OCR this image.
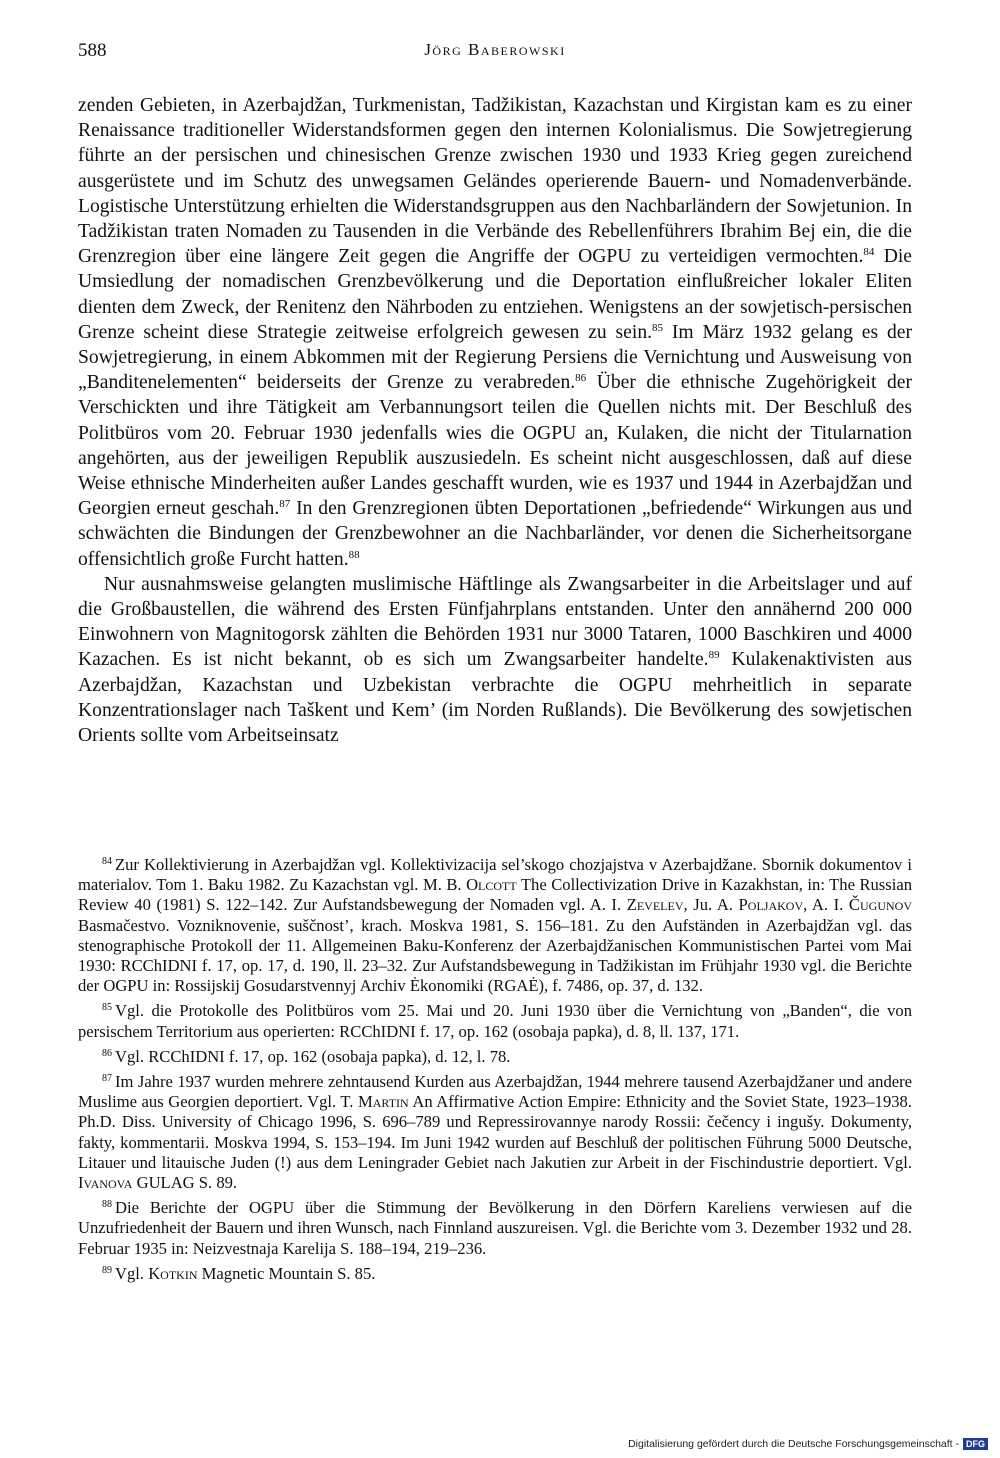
588	Jörg Baberowski

zenden Gebieten, in Azerbajdžan, Turkmenistan, Tadžikistan, Kazachstan und Kirgistan kam es zu einer Renaissance traditioneller Widerstandsformen gegen den internen Kolonialismus. Die Sowjetregierung führte an der persischen und chinesischen Grenze zwischen 1930 und 1933 Krieg gegen zureichend ausgerüstete und im Schutz des unwegsamen Geländes operierende Bauern- und Nomadenverbände. Logistische Unterstützung erhielten die Widerstandsgruppen aus den Nachbarländern der Sowjetunion. In Tadžikistan traten Nomaden zu Tausenden in die Verbände des Rebellenführers Ibrahim Bej ein, die die Grenzregion über eine längere Zeit gegen die Angriffe der OGPU zu verteidigen vermochten.$^{84}$ Die Umsiedlung der nomadischen Grenzbevölkerung und die Deportation einflußreicher lokaler Eliten dienten dem Zweck, der Renitenz den Nährboden zu entziehen. Wenigstens an der sowjetisch-persischen Grenze scheint diese Strategie zeitweise erfolgreich gewesen zu sein.$^{85}$ Im März 1932 gelang es der Sowjetregierung, in einem Abkommen mit der Regierung Persiens die Vernichtung und Ausweisung von „Banditenelementen“ beiderseits der Grenze zu verabreden.$^{86}$ Über die ethnische Zugehörigkeit der Verschickten und ihre Tätigkeit am Verbannungsort teilen die Quellen nichts mit. Der Beschluß des Politbüros vom 20. Februar 1930 jedenfalls wies die OGPU an, Kulaken, die nicht der Titularnation angehörten, aus der jeweiligen Republik auszusiedeln. Es scheint nicht ausgeschlossen, daß auf diese Weise ethnische Minderheiten außer Landes geschafft wurden, wie es 1937 und 1944 in Azerbajdžan und Georgien erneut geschah.$^{87}$ In den Grenzregionen übten Deportationen „befriedende“ Wirkungen aus und schwächten die Bindungen der Grenzbewohner an die Nachbarländer, vor denen die Sicherheitsorgane offensichtlich große Furcht hatten.$^{88}$

Nur ausnahmsweise gelangten muslimische Häftlinge als Zwangsarbeiter in die Arbeitslager und auf die Großbaustellen, die während des Ersten Fünfjahrplans entstanden. Unter den annähernd 200 000 Einwohnern von Magnitogorsk zählten die Behörden 1931 nur 3000 Tataren, 1000 Baschkiren und 4000 Kazachen. Es ist nicht bekannt, ob es sich um Zwangsarbeiter handelte.$^{89}$ Kulakenaktivisten aus Azerbajdžan, Kazachstan und Uzbekistan verbrachte die OGPU mehrheitlich in separate Konzentrationslager nach Taškent und Kem’ (im Norden Rußlands). Die Bevölkerung des sowjetischen Orients sollte vom Arbeitseinsatz

$^{84}$ Zur Kollektivierung in Azerbajdžan vgl. Kollektivizacija sel’skogo chozjajstva v Azerbajdžane. Sbornik dokumentov i materialov. Tom 1. Baku 1982. Zu Kazachstan vgl. M. B. Olcott The Collectivization Drive in Kazakhstan, in: The Russian Review 40 (1981) S. 122–142. Zur Aufstandsbewegung der Nomaden vgl. A. I. Zevelev, Ju. A. Poljakov, A. I. Čugunov Basmačestvo. Vozniknovenie, suščnost’, krach. Moskva 1981, S. 156–181. Zu den Aufständen in Azerbajdžan vgl. das stenographische Protokoll der 11. Allgemeinen Baku-Konferenz der Azerbajdžanischen Kommunistischen Partei vom Mai 1930: RCChIDNI f. 17, op. 17, d. 190, ll. 23–32. Zur Aufstandsbewegung in Tadžikistan im Frühjahr 1930 vgl. die Berichte der OGPU in: Rossijskij Gosudarstvennyj Archiv Ėkonomiki (RGAĖ), f. 7486, op. 37, d. 132.

$^{85}$ Vgl. die Protokolle des Politbüros vom 25. Mai und 20. Juni 1930 über die Vernichtung von „Banden“, die von persischem Territorium aus operierten: RCChIDNI f. 17, op. 162 (osobaja papka), d. 8, ll. 137, 171.

$^{86}$ Vgl. RCChIDNI f. 17, op. 162 (osobaja papka), d. 12, l. 78.

$^{87}$ Im Jahre 1937 wurden mehrere zehntausend Kurden aus Azerbajdžan, 1944 mehrere tausend Azerbajdžaner und andere Muslime aus Georgien deportiert. Vgl. T. Martin An Affirmative Action Empire: Ethnicity and the Soviet State, 1923–1938. Ph.D. Diss. University of Chicago 1996, S. 696–789 und Repressirovannye narody Rossii: čečency i ingušy. Dokumenty, fakty, kommentarii. Moskva 1994, S. 153–194. Im Juni 1942 wurden auf Beschluß der politischen Führung 5000 Deutsche, Litauer und litauische Juden (!) aus dem Leningrader Gebiet nach Jakutien zur Arbeit in der Fischindustrie deportiert. Vgl. Ivanova GULAG S. 89.

$^{88}$ Die Berichte der OGPU über die Stimmung der Bevölkerung in den Dörfern Kareliens verwiesen auf die Unzufriedenheit der Bauern und ihren Wunsch, nach Finnland auszureisen. Vgl. die Berichte vom 3. Dezember 1932 und 28. Februar 1935 in: Neizvestnaja Karelija S. 188–194, 219–236.

$^{89}$ Vgl. Kotkin Magnetic Mountain S. 85.

Digitalisierung gefördert durch die Deutsche Forschungsgemeinschaft - DFG
